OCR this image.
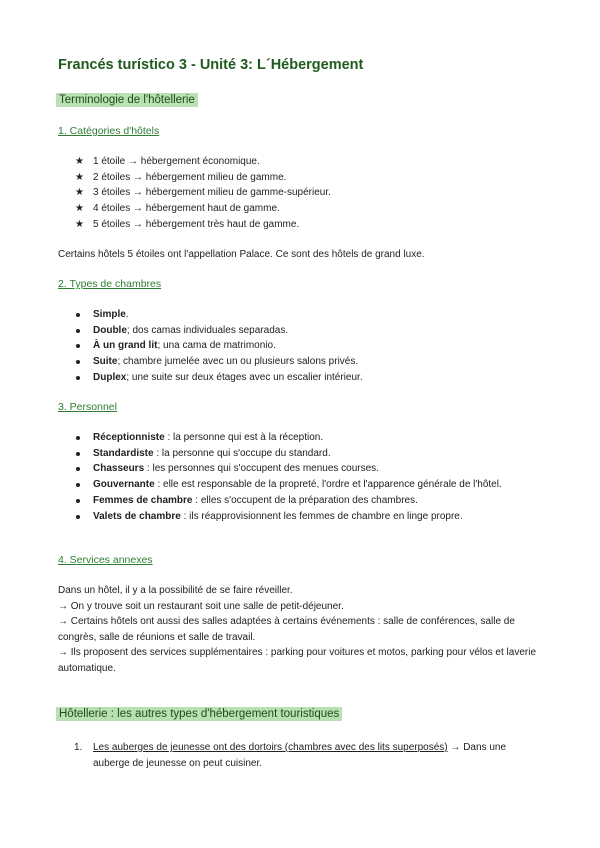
Francés turístico 3 - Unité 3: L´Hébergement
Terminologie de l'hôtellerie
1. Catégories d'hôtels
★ 1 étoile → hébergement économique.
★ 2 étoiles → hébergement milieu de gamme.
★ 3 étoiles → hébergement milieu de gamme-supérieur.
★ 4 étoiles → hébergement haut de gamme.
★ 5 étoiles → hébergement très haut de gamme.

Certains hôtels 5 étoiles ont l'appellation Palace. Ce sont des hôtels de grand luxe.

2. Types de chambres
Simple.
Double; dos camas individuales separadas.
À un grand lit; una cama de matrimonio.
Suite; chambre jumelée avec un ou plusieurs salons privés.
Duplex; une suite sur deux étages avec un escalier intérieur.
3. Personnel
Réceptionniste : la personne qui est à la réception.
Standardiste : la personne qui s'occupe du standard.
Chasseurs : les personnes qui s'occupent des menues courses.
Gouvernante : elle est responsable de la propreté, l'ordre et l'apparence générale de l'hôtel.
Femmes de chambre : elles s'occupent de la préparation des chambres.
Valets de chambre : ils réapprovisionnent les femmes de chambre en linge propre.
4. Services annexes

Dans un hôtel, il y a la possibilité de se faire réveiller.

→ On y trouve soit un restaurant soit une salle de petit-déjeuner.

→ Certains hôtels ont aussi des salles adaptées à certains événements : salle de conférences, salle de congrès, salle de réunions et salle de travail.

→ Ils proposent des services supplémentaires : parking pour voitures et motos, parking pour vélos et laverie automatique.

Hôtellerie : les autres types d'hébergement touristiques
1. Les auberges de jeunesse ont des dortoirs (chambres avec des lits superposés) → Dans une auberge de jeunesse on peut cuisiner.
